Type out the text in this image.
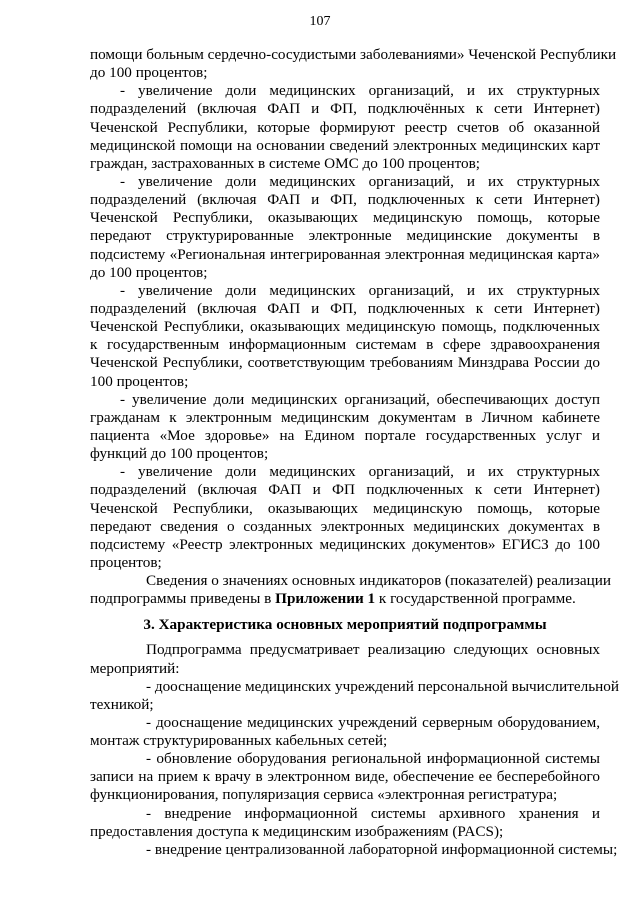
107
помощи больным сердечно-сосудистыми заболеваниями» Чеченской Республики
до 100 процентов;
- увеличение доли медицинских организаций, и их структурных
подразделений (включая ФАП и ФП, подключённых к сети Интернет)
Чеченской Республики, которые формируют реестр счетов об оказанной
медицинской помощи на основании сведений электронных медицинских карт
граждан, застрахованных в системе ОМС до 100 процентов;
- увеличение доли медицинских организаций, и их структурных
подразделений (включая ФАП и ФП, подключенных к сети Интернет)
Чеченской Республики, оказывающих медицинскую помощь, которые
передают структурированные электронные медицинские документы в
подсистему «Региональная интегрированная электронная медицинская карта»
до 100 процентов;
- увеличение доли медицинских организаций, и их структурных
подразделений (включая ФАП и ФП, подключенных к сети Интернет)
Чеченской Республики, оказывающих медицинскую помощь, подключенных
к государственным информационным системам в сфере здравоохранения
Чеченской Республики, соответствующим требованиям Минздрава России до
100 процентов;
- увеличение доли медицинских организаций, обеспечивающих доступ
гражданам к электронным медицинским документам в Личном кабинете
пациента «Мое здоровье» на Едином портале государственных услуг и
функций до 100 процентов;
- увеличение доли медицинских организаций, и их структурных
подразделений (включая ФАП и ФП подключенных к сети Интернет)
Чеченской Республики, оказывающих медицинскую помощь, которые
передают сведения о созданных электронных медицинских документах в
подсистему «Реестр электронных медицинских документов» ЕГИСЗ до 100
процентов;
Сведения о значениях основных индикаторов (показателей) реализации
подпрограммы приведены в Приложении 1 к государственной программе.
3. Характеристика основных мероприятий подпрограммы
Подпрограмма предусматривает реализацию следующих основных
мероприятий:
- дооснащение медицинских учреждений персональной вычислительной
техникой;
- дооснащение медицинских учреждений серверным оборудованием,
монтаж структурированных кабельных сетей;
- обновление оборудования региональной информационной системы
записи на прием к врачу в электронном виде, обеспечение ее бесперебойного
функционирования, популяризация сервиса «электронная регистратура;
- внедрение информационной системы архивного хранения и
предоставления доступа к медицинским изображениям (PACS);
- внедрение централизованной лабораторной информационной системы;
